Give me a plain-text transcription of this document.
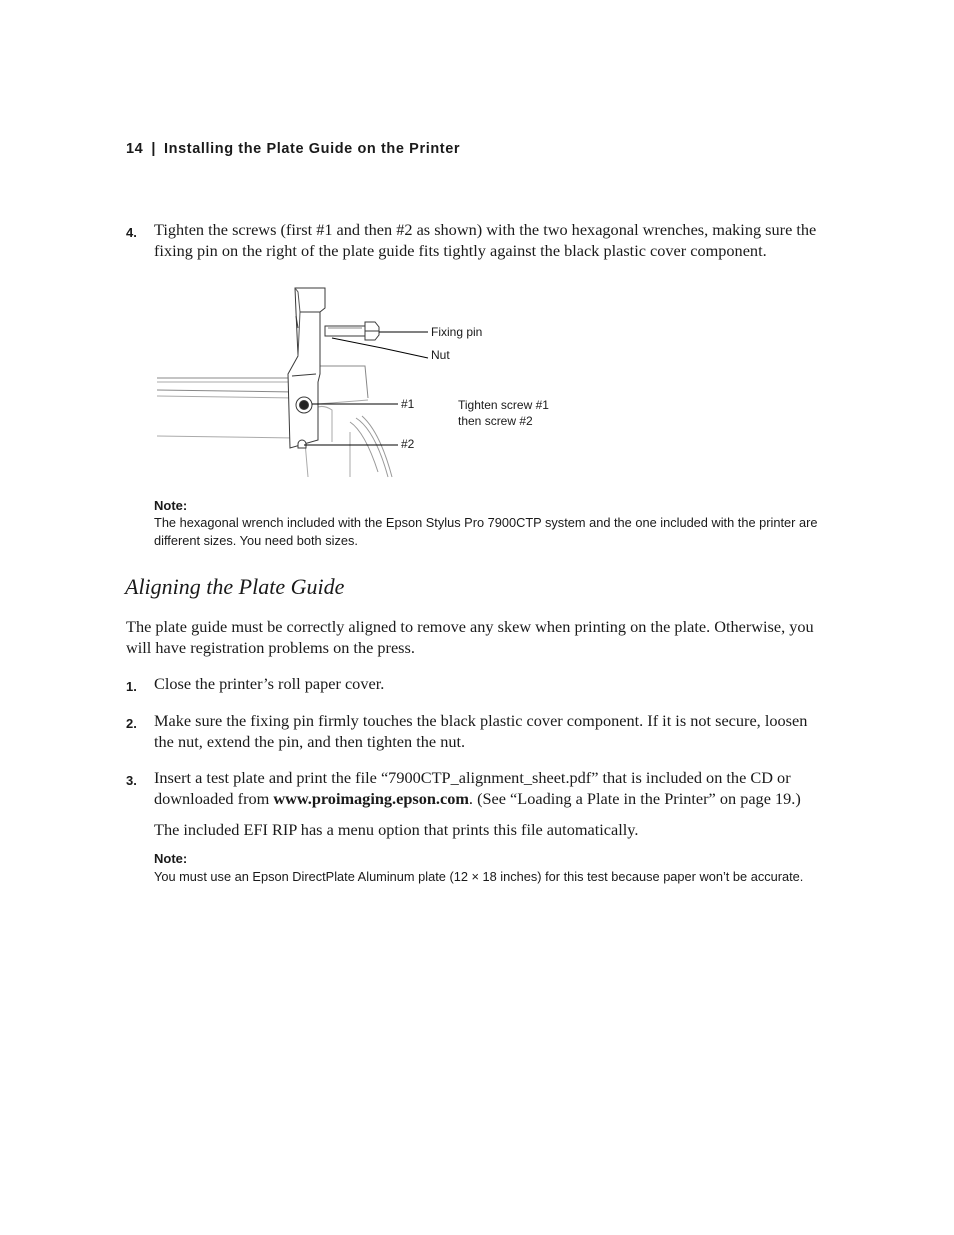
14 | Installing the Plate Guide on the Printer
4. Tighten the screws (first #1 and then #2 as shown) with the two hexagonal wrenches, making sure the fixing pin on the right of the plate guide fits tightly against the black plastic cover component.
Fixing pin
Nut
#1
#2
Tighten screw #1
then screw #2
Note:
The hexagonal wrench included with the Epson Stylus Pro 7900CTP system and the one included with the printer are different sizes. You need both sizes.
Aligning the Plate Guide
The plate guide must be correctly aligned to remove any skew when printing on the plate. Otherwise, you will have registration problems on the press.
1. Close the printer’s roll paper cover.
2. Make sure the fixing pin firmly touches the black plastic cover component. If it is not secure, loosen the nut, extend the pin, and then tighten the nut.
3. Insert a test plate and print the file “7900CTP_alignment_sheet.pdf” that is included on the CD or downloaded from www.proimaging.epson.com. (See “Loading a Plate in the Printer” on page 19.)
The included EFI RIP has a menu option that prints this file automatically.
Note:
You must use an Epson DirectPlate Aluminum plate (12 × 18 inches) for this test because paper won’t be accurate.
